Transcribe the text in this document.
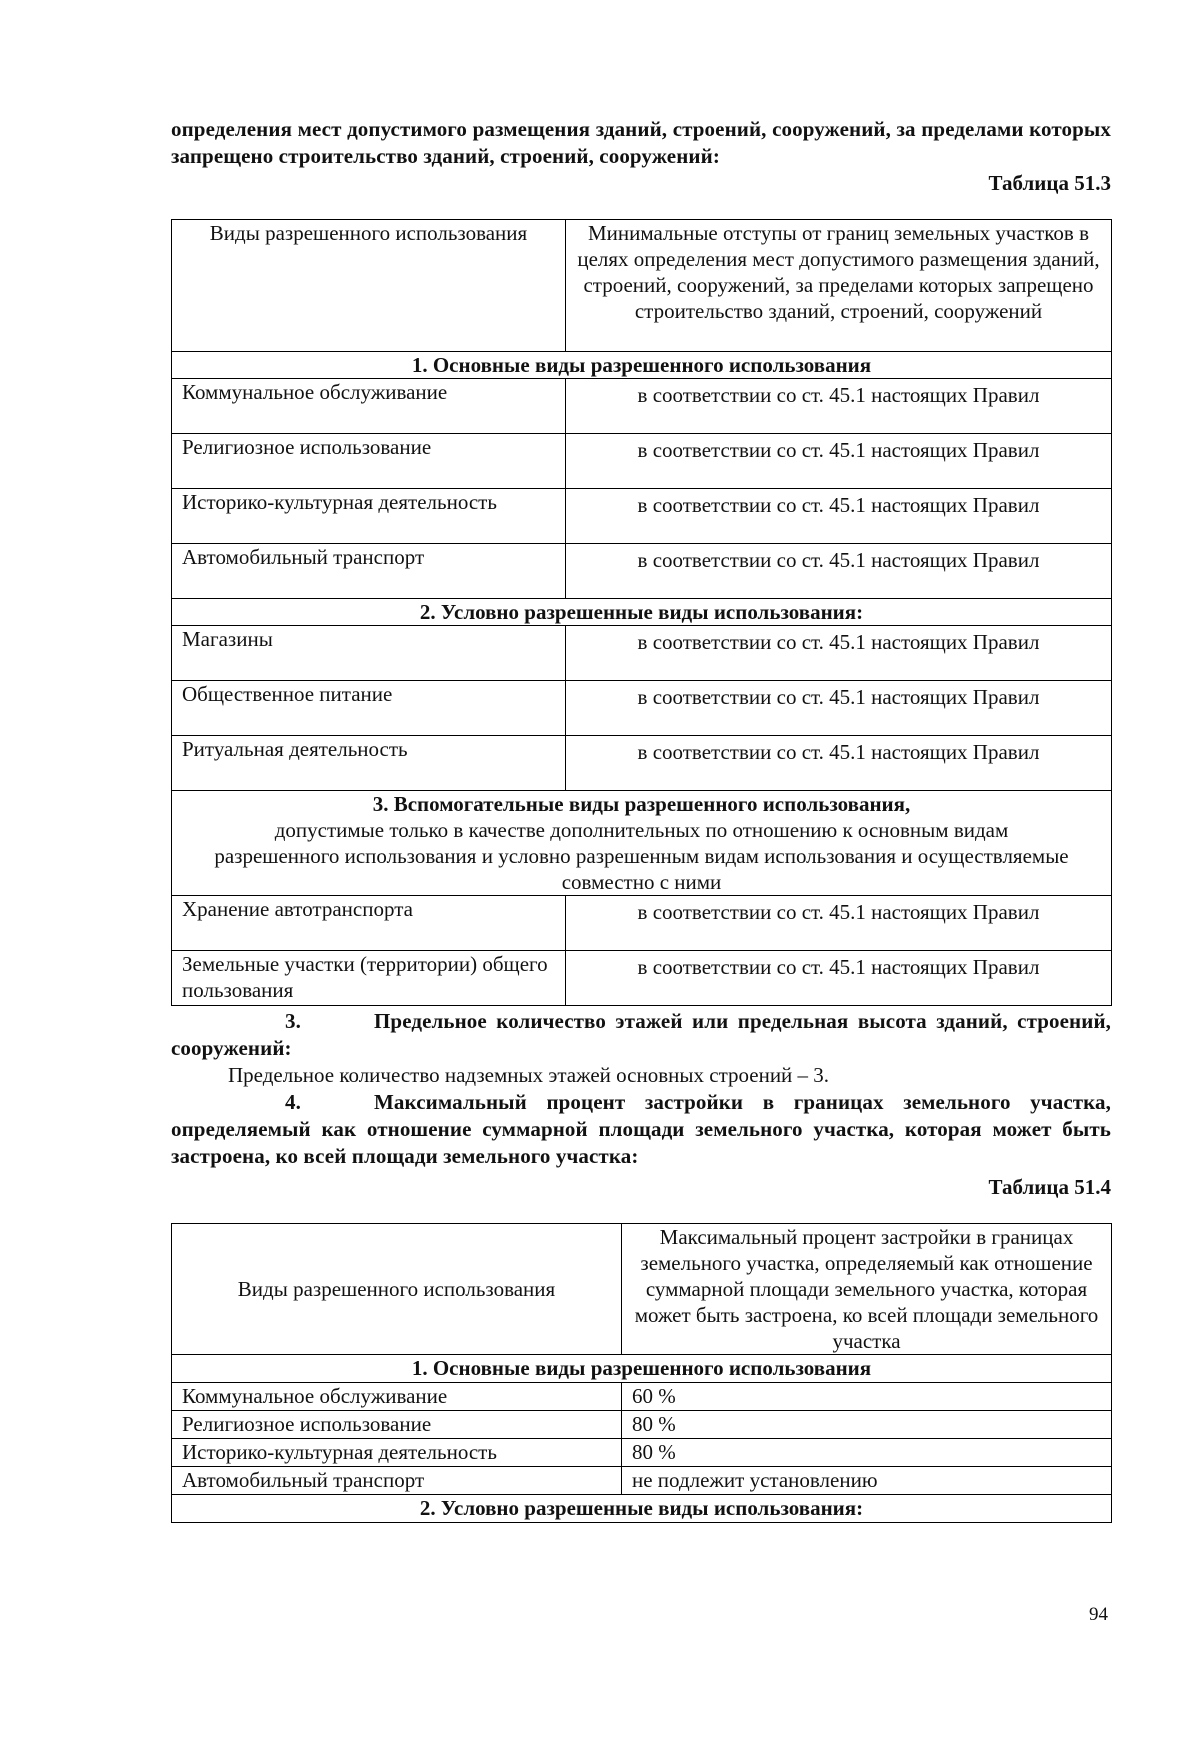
определения мест допустимого размещения зданий, строений, сооружений, за пределами которых запрещено строительство зданий, строений, сооружений:
Таблица 51.3
Виды разрешенного использования	Минимальные отступы от границ земельных участков в целях определения мест допустимого размещения зданий, строений, сооружений, за пределами которых запрещено строительство зданий, строений, сооружений
1. Основные виды разрешенного использования	
Коммунальное обслуживание	в соответствии со ст. 45.1 настоящих Правил
Религиозное использование	в соответствии со ст. 45.1 настоящих Правил
Историко-культурная деятельность	в соответствии со ст. 45.1 настоящих Правил
Автомобильный транспорт	в соответствии со ст. 45.1 настоящих Правил
2. Условно разрешенные виды использования:	
Магазины	в соответствии со ст. 45.1 настоящих Правил
Общественное питание	в соответствии со ст. 45.1 настоящих Правил
Ритуальная деятельность	в соответствии со ст. 45.1 настоящих Правил
3. Вспомогательные виды разрешенного использования,
допустимые только в качестве дополнительных по отношению к основным видам разрешенного использования и условно разрешенным видам использования и осуществляемые совместно с ними	

Хранение автотранспорта	в соответствии со ст. 45.1 настоящих Правил
Земельные участки (территории) общего пользования	в соответствии со ст. 45.1 настоящих Правил
3.	Предельное количество этажей или предельная высота зданий, строений, сооружений:
Предельное количество надземных этажей основных строений – 3.
4.	Максимальный процент застройки в границах земельного участка, определяемый как отношение суммарной площади земельного участка, которая может быть застроена, ко всей площади земельного участка:
Таблица 51.4
Виды разрешенного использования	Максимальный процент застройки в границах земельного участка, определяемый как отношение суммарной площади земельного участка, которая может быть застроена, ко всей площади земельного участка
1. Основные виды разрешенного использования	
Коммунальное обслуживание	60 %
Религиозное использование	80 %
Историко-культурная деятельность	80 %
Автомобильный транспорт	не подлежит установлению
2. Условно разрешенные виды использования:	
94
